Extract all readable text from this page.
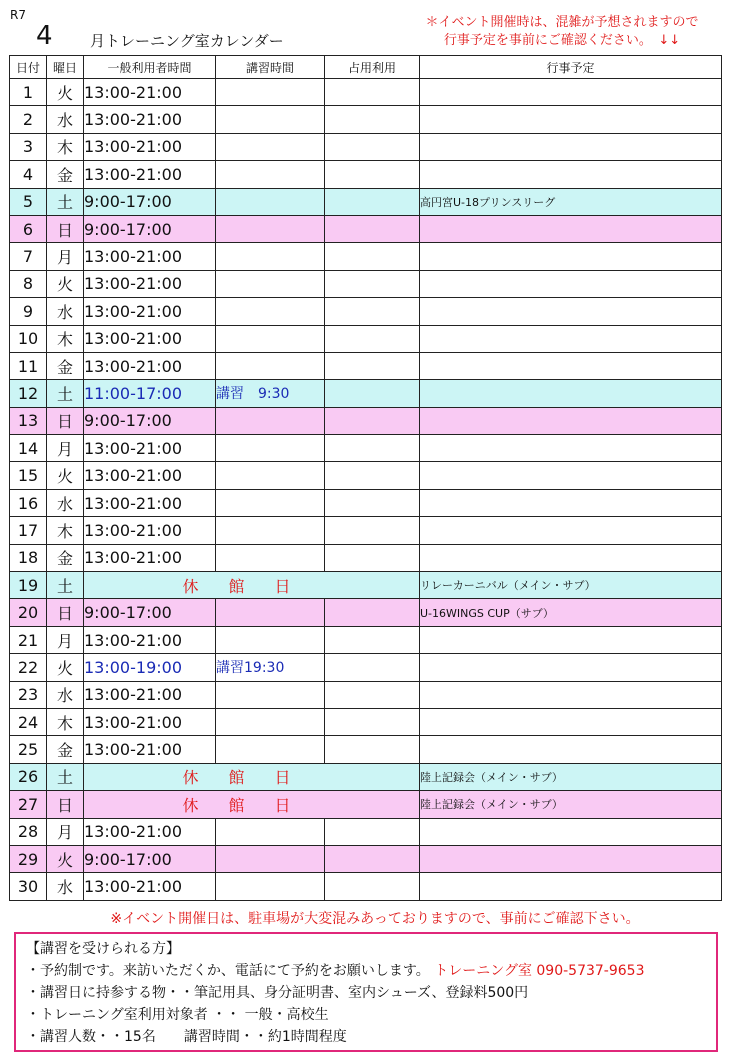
R7
4 月トレーニング室カレンダー
＊イベント開催時は、混雑が予想されますので
行事予定を事前にご確認ください。　↓↓
日付	曜日	一般利用者時間	講習時間	占用利用	行事予定
1	火	13:00-21:00			
2	水	13:00-21:00			
3	木	13:00-21:00			
4	金	13:00-21:00			
5	土	9:00-17:00			高円宮U-18プリンスリーグ
6	日	9:00-17:00			
7	月	13:00-21:00			
8	火	13:00-21:00			
9	水	13:00-21:00			
10	木	13:00-21:00			
11	金	13:00-21:00			
12	土	11:00-17:00	講習　9:30		
13	日	9:00-17:00			
14	月	13:00-21:00			
15	火	13:00-21:00			
16	水	13:00-21:00			
17	木	13:00-21:00			
18	金	13:00-21:00			
19	土	休館日			リレーカーニバル（メイン・サブ）
20	日	9:00-17:00			U-16WINGS CUP（サブ）
21	月	13:00-21:00			
22	火	13:00-19:00	講習19:30		
23	水	13:00-21:00			
24	木	13:00-21:00			
25	金	13:00-21:00			
26	土	休館日			陸上記録会（メイン・サブ）
27	日	休館日			陸上記録会（メイン・サブ）
28	月	13:00-21:00			
29	火	9:00-17:00			
30	水	13:00-21:00			
※イベント開催日は、駐車場が大変混みあっておりますので、事前にご確認下さい。
【講習を受けられる方】
・予約制です。来訪いただくか、電話にて予約をお願いします。 トレーニング室 090-5737-9653
・講習日に持参する物・・筆記用具、身分証明書、室内シューズ、登録料500円
・トレーニング室利用対象者 ・・ 一般・高校生
・講習人数・・15名　　講習時間・・約1時間程度
